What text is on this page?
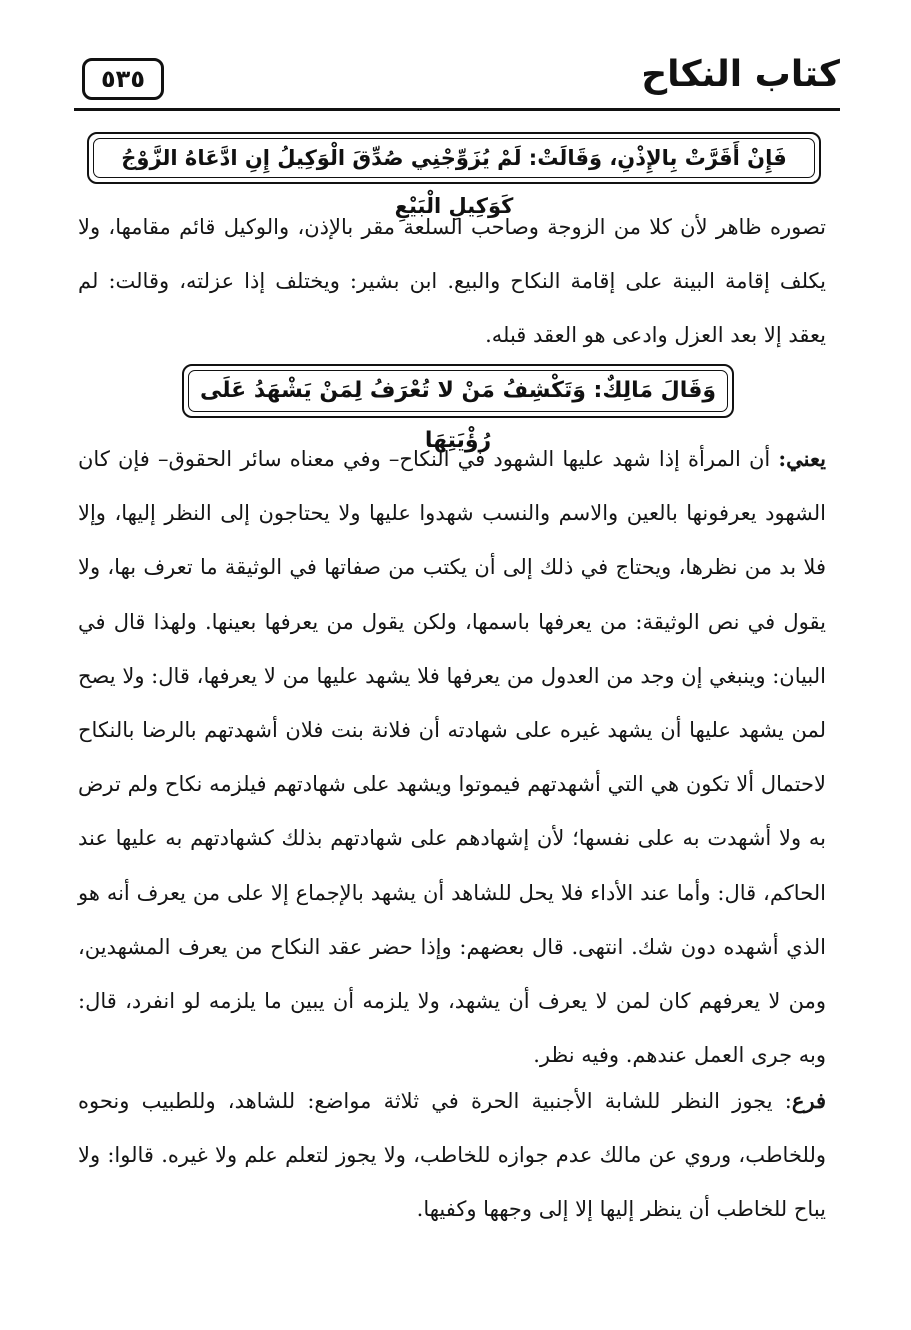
٥٣٥	كتاب النكاح
فَإِنْ أَقَرَّتْ بِالإِذْنِ، وَقَالَتْ: لَمْ يُزَوِّجْنِي صُدِّقَ الْوَكِيلُ إِنِ ادَّعَاهُ الزَّوْجُ كَوَكِيلِ الْبَيْعِ

تصوره ظاهر لأن كلا من الزوجة وصاحب السلعة مقر بالإذن، والوكيل قائم مقامها، ولا يكلف إقامة البينة على إقامة النكاح والبيع. ابن بشير: ويختلف إذا عزلته، وقالت: لم يعقد إلا بعد العزل وادعى هو العقد قبله.

وَقَالَ مَالِكٌ: وَتَكْشِفُ مَنْ لا تُعْرَفُ لِمَنْ يَشْهَدُ عَلَى رُؤْيَتِهَا

يعني: أن المرأة إذا شهد عليها الشهود في النكاح– وفي معناه سائر الحقوق– فإن كان الشهود يعرفونها بالعين والاسم والنسب شهدوا عليها ولا يحتاجون إلى النظر إليها، وإلا فلا بد من نظرها، ويحتاج في ذلك إلى أن يكتب من صفاتها في الوثيقة ما تعرف بها، ولا يقول في نص الوثيقة: من يعرفها باسمها، ولكن يقول من يعرفها بعينها. ولهذا قال في البيان: وينبغي إن وجد من العدول من يعرفها فلا يشهد عليها من لا يعرفها، قال: ولا يصح لمن يشهد عليها أن يشهد غيره على شهادته أن فلانة بنت فلان أشهدتهم بالرضا بالنكاح لاحتمال ألا تكون هي التي أشهدتهم فيموتوا ويشهد على شهادتهم فيلزمه نكاح ولم ترض به ولا أشهدت به على نفسها؛ لأن إشهادهم على شهادتهم بذلك كشهادتهم به عليها عند الحاكم، قال: وأما عند الأداء فلا يحل للشاهد أن يشهد بالإجماع إلا على من يعرف أنه هو الذي أشهده دون شك. انتهى. قال بعضهم: وإذا حضر عقد النكاح من يعرف المشهدين، ومن لا يعرفهم كان لمن لا يعرف أن يشهد، ولا يلزمه أن يبين ما يلزمه لو انفرد، قال: وبه جرى العمل عندهم. وفيه نظر.

فرع: يجوز النظر للشابة الأجنبية الحرة في ثلاثة مواضع: للشاهد، وللطبيب ونحوه وللخاطب، وروي عن مالك عدم جوازه للخاطب، ولا يجوز لتعلم علم ولا غيره. قالوا: ولا يباح للخاطب أن ينظر إليها إلا إلى وجهها وكفيها.
